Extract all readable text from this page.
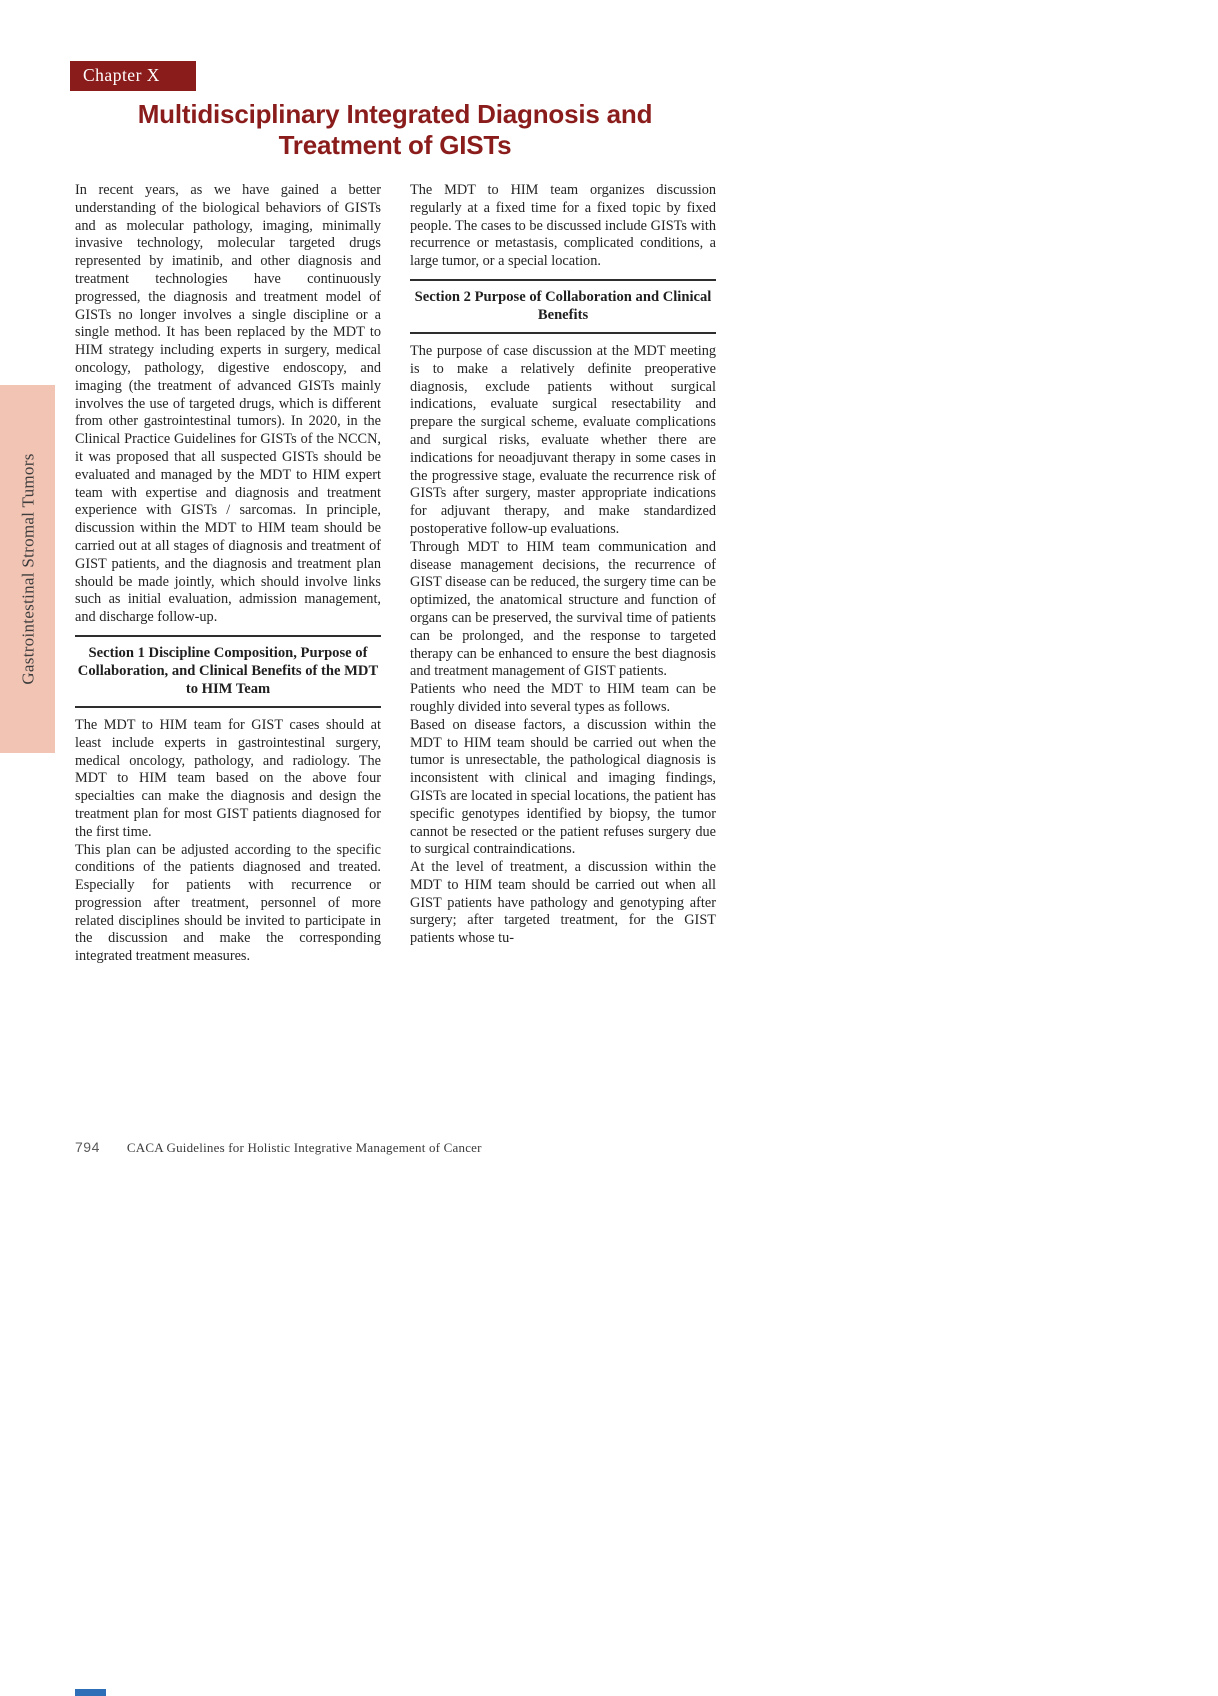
Chapter X
Multidisciplinary Integrated Diagnosis and
Treatment of GISTs
Gastrointestinal Stromal Tumors

In recent years, as we have gained a better understanding of the biological behaviors of GISTs and as molecular pathology, imaging, minimally invasive technology, molecular targeted drugs represented by imatinib, and other diagnosis and treatment technologies have continuously progressed, the diagnosis and treatment model of GISTs no longer involves a single discipline or a single method. It has been replaced by the MDT to HIM strategy including experts in surgery, medical oncology, pathology, digestive endoscopy, and imaging (the treatment of advanced GISTs mainly involves the use of targeted drugs, which is different from other gastrointestinal tumors). In 2020, in the Clinical Practice Guidelines for GISTs of the NCCN, it was proposed that all suspected GISTs should be evaluated and managed by the MDT to HIM expert team with expertise and diagnosis and treatment experience with GISTs / sarcomas. In principle, discussion within the MDT to HIM team should be carried out at all stages of diagnosis and treatment of GIST patients, and the diagnosis and treatment plan should be made jointly, which should involve links such as initial evaluation, admission management, and discharge follow-up.

Section 1 Discipline Composition, Purpose of Collaboration, and Clinical Benefits of the MDT to HIM Team

The MDT to HIM team for GIST cases should at least include experts in gastrointestinal surgery, medical oncology, pathology, and radiology. The MDT to HIM team based on the above four specialties can make the diagnosis and design the treatment plan for most GIST patients diagnosed for the first time.

This plan can be adjusted according to the specific conditions of the patients diagnosed and treated. Especially for patients with recurrence or progression after treatment, personnel of more related disciplines should be invited to participate in the discussion and make the corresponding integrated treatment measures.

The MDT to HIM team organizes discussion regularly at a fixed time for a fixed topic by fixed people. The cases to be discussed include GISTs with recurrence or metastasis, complicated conditions, a large tumor, or a special location.

Section 2 Purpose of Collaboration and Clinical Benefits

The purpose of case discussion at the MDT meeting is to make a relatively definite preoperative diagnosis, exclude patients without surgical indications, evaluate surgical resectability and prepare the surgical scheme, evaluate complications and surgical risks, evaluate whether there are indications for neoadjuvant therapy in some cases in the progressive stage, evaluate the recurrence risk of GISTs after surgery, master appropriate indications for adjuvant therapy, and make standardized postoperative follow-up evaluations.

Through MDT to HIM team communication and disease management decisions, the recurrence of GIST disease can be reduced, the surgery time can be optimized, the anatomical structure and function of organs can be preserved, the survival time of patients can be prolonged, and the response to targeted therapy can be enhanced to ensure the best diagnosis and treatment management of GIST patients.

Patients who need the MDT to HIM team can be roughly divided into several types as follows.

Based on disease factors, a discussion within the MDT to HIM team should be carried out when the tumor is unresectable, the pathological diagnosis is inconsistent with clinical and imaging findings, GISTs are located in special locations, the patient has specific genotypes identified by biopsy, the tumor cannot be resected or the patient refuses surgery due to surgical contraindications.

At the level of treatment, a discussion within the MDT to HIM team should be carried out when all GIST patients have pathology and genotyping after surgery; after targeted treatment, for the GIST patients whose tu-

794 CACA Guidelines for Holistic Integrative Management of Cancer
